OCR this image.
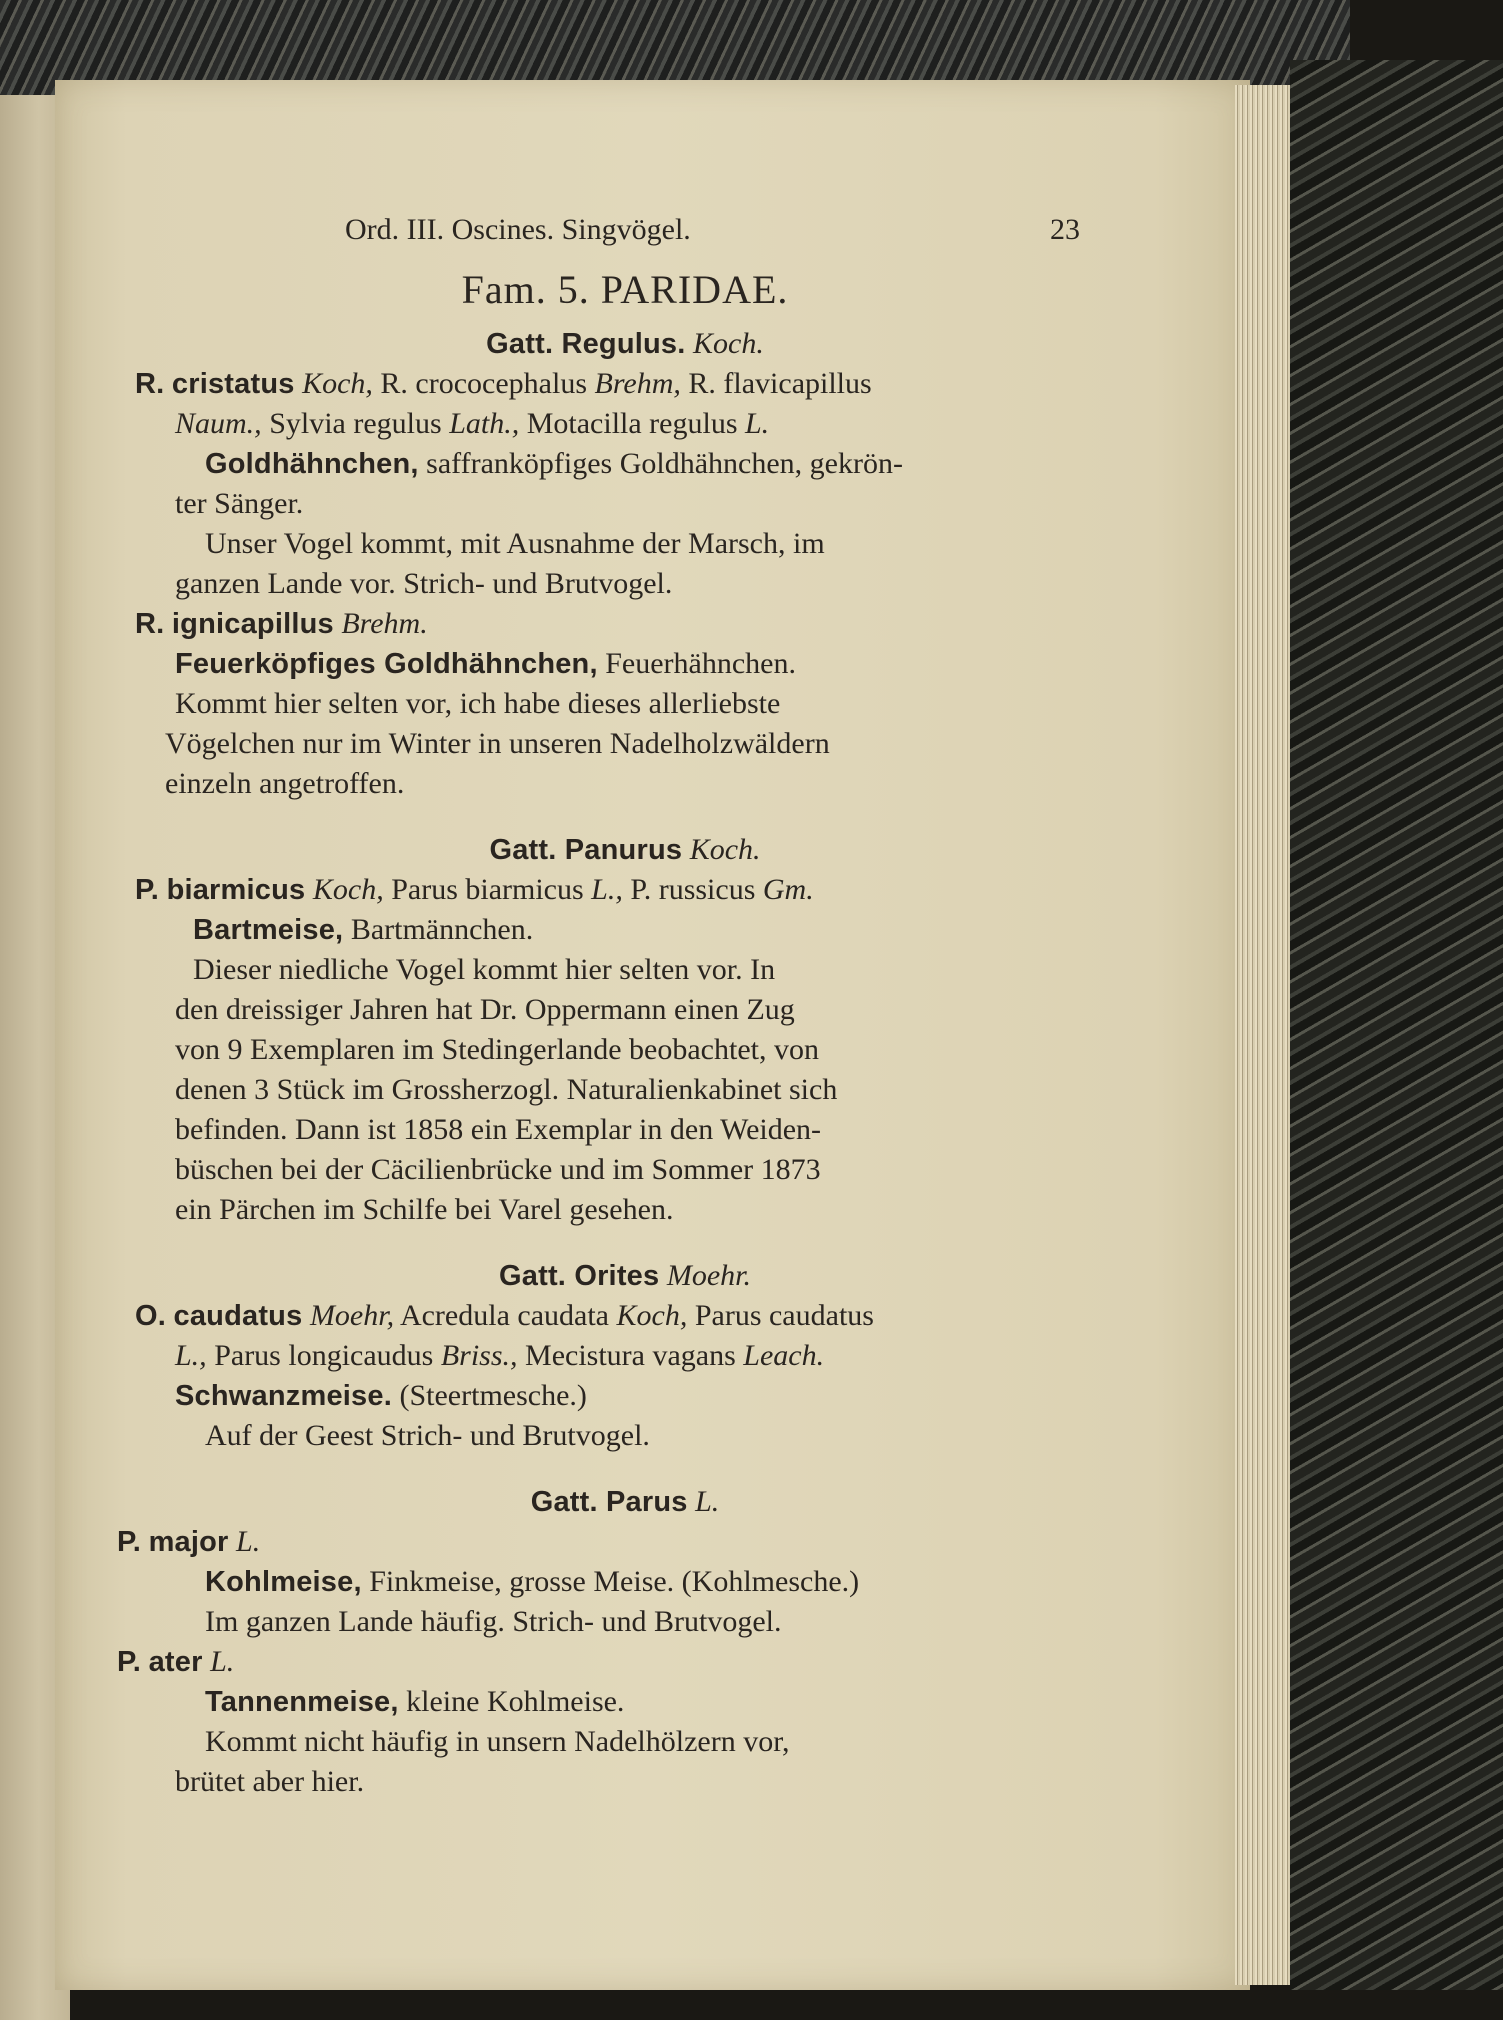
Ord. III. Oscines. Singvögel.	23
Fam. 5. PARIDAE.
Gatt. Regulus. Koch.
R. cristatus Koch, R. crococephalus Brehm, R. flavicapillus
Naum., Sylvia regulus Lath., Motacilla regulus L.
Goldhähnchen, saffranköpfiges Goldhähnchen, gekrön-
ter Sänger.
Unser Vogel kommt, mit Ausnahme der Marsch, im
ganzen Lande vor. Strich- und Brutvogel.
R. ignicapillus Brehm.
Feuerköpfiges Goldhähnchen, Feuerhähnchen.
Kommt hier selten vor, ich habe dieses allerliebste
Vögelchen nur im Winter in unseren Nadelholzwäldern
einzeln angetroffen.
Gatt. Panurus Koch.
P. biarmicus Koch, Parus biarmicus L., P. russicus Gm.
Bartmeise, Bartmännchen.
Dieser niedliche Vogel kommt hier selten vor. In
den dreissiger Jahren hat Dr. Oppermann einen Zug
von 9 Exemplaren im Stedingerlande beobachtet, von
denen 3 Stück im Grossherzogl. Naturalienkabinet sich
befinden. Dann ist 1858 ein Exemplar in den Weiden-
büschen bei der Cäcilienbrücke und im Sommer 1873
ein Pärchen im Schilfe bei Varel gesehen.
Gatt. Orites Moehr.
O. caudatus Moehr, Acredula caudata Koch, Parus caudatus
L., Parus longicaudus Briss., Mecistura vagans Leach.
Schwanzmeise. (Steertmesche.)
Auf der Geest Strich- und Brutvogel.
Gatt. Parus L.
P. major L.
Kohlmeise, Finkmeise, grosse Meise. (Kohlmesche.)
Im ganzen Lande häufig. Strich- und Brutvogel.
P. ater L.
Tannenmeise, kleine Kohlmeise.
Kommt nicht häufig in unsern Nadelhölzern vor,
brütet aber hier.
